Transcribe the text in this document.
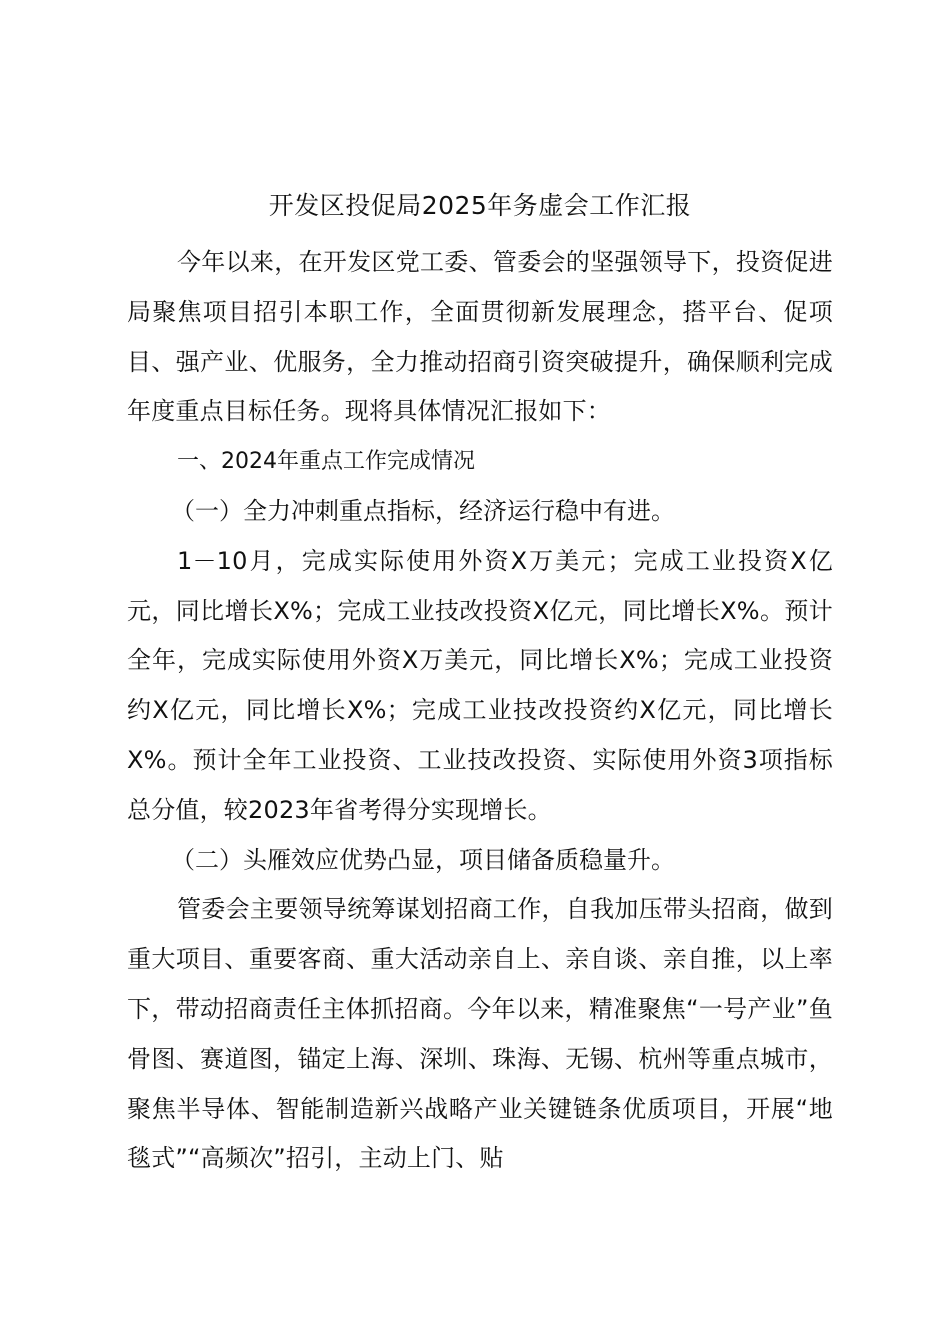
开发区投促局2025年务虚会工作汇报

今年以来，在开发区党工委、管委会的坚强领导下，投资促进局聚焦项目招引本职工作，全面贯彻新发展理念，搭平台、促项目、强产业、优服务，全力推动招商引资突破提升，确保顺利完成年度重点目标任务。现将具体情况汇报如下：

一、2024年重点工作完成情况

（一）全力冲刺重点指标，经济运行稳中有进。

1－10月，完成实际使用外资X万美元；完成工业投资X亿元，同比增长X%；完成工业技改投资X亿元，同比增长X%。预计全年，完成实际使用外资X万美元，同比增长X%；完成工业投资约X亿元，同比增长X%；完成工业技改投资约X亿元，同比增长X%。预计全年工业投资、工业技改投资、实际使用外资3项指标总分值，较2023年省考得分实现增长。

（二）头雁效应优势凸显，项目储备质稳量升。

管委会主要领导统筹谋划招商工作，自我加压带头招商，做到重大项目、重要客商、重大活动亲自上、亲自谈、亲自推，以上率下，带动招商责任主体抓招商。今年以来，精准聚焦“一号产业”鱼骨图、赛道图，锚定上海、深圳、珠海、无锡、杭州等重点城市，聚焦半导体、智能制造新兴战略产业关键链条优质项目，开展“地毯式”“高频次”招引，主动上门、贴
